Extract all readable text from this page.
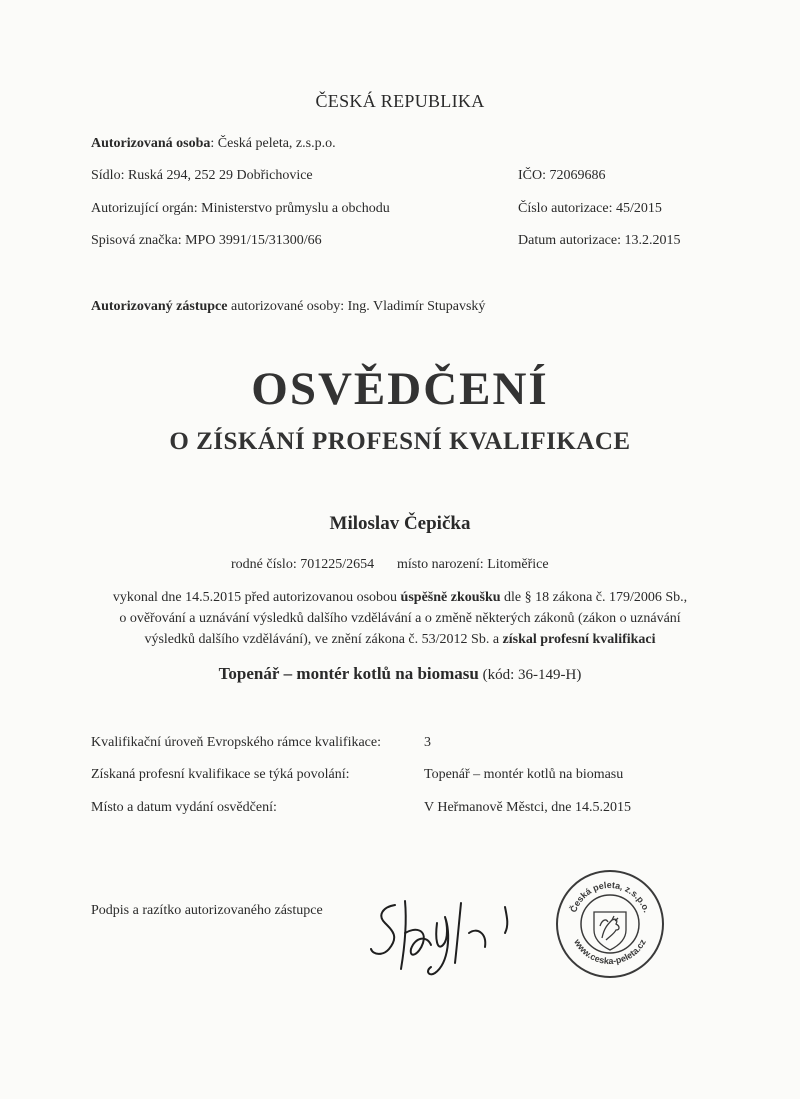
ČESKÁ REPUBLIKA
Autorizovaná osoba: Česká peleta, z.s.p.o.
Sídlo: Ruská 294, 252 29 Dobřichovice	IČO: 72069686
Autorizující orgán: Ministerstvo průmyslu a obchodu	Číslo autorizace: 45/2015
Spisová značka: MPO 3991/15/31300/66	Datum autorizace: 13.2.2015
Autorizovaný zástupce autorizované osoby: Ing. Vladimír Stupavský
OSVĚDČENÍ
O ZÍSKÁNÍ PROFESNÍ KVALIFIKACE
Miloslav Čepička
rodné číslo: 701225/2654 místo narození: Litoměřice
vykonal dne 14.5.2015 před autorizovanou osobou úspěšně zkoušku dle § 18 zákona č. 179/2006 Sb.,
o ověřování a uznávání výsledků dalšího vzdělávání a o změně některých zákonů (zákon o uznávání
výsledků dalšího vzdělávání), ve znění zákona č. 53/2012 Sb. a získal profesní kvalifikaci
Topenář – montér kotlů na biomasu (kód: 36-149-H)
Kvalifikační úroveň Evropského rámce kvalifikace:	3
Získaná profesní kvalifikace se týká povolání:	Topenář – montér kotlů na biomasu
Místo a datum vydání osvědčení:	V Heřmanově Městci, dne 14.5.2015
Podpis a razítko autorizovaného zástupce	Česká peleta, z.s.p.o.
www.ceska-peleta.cz
